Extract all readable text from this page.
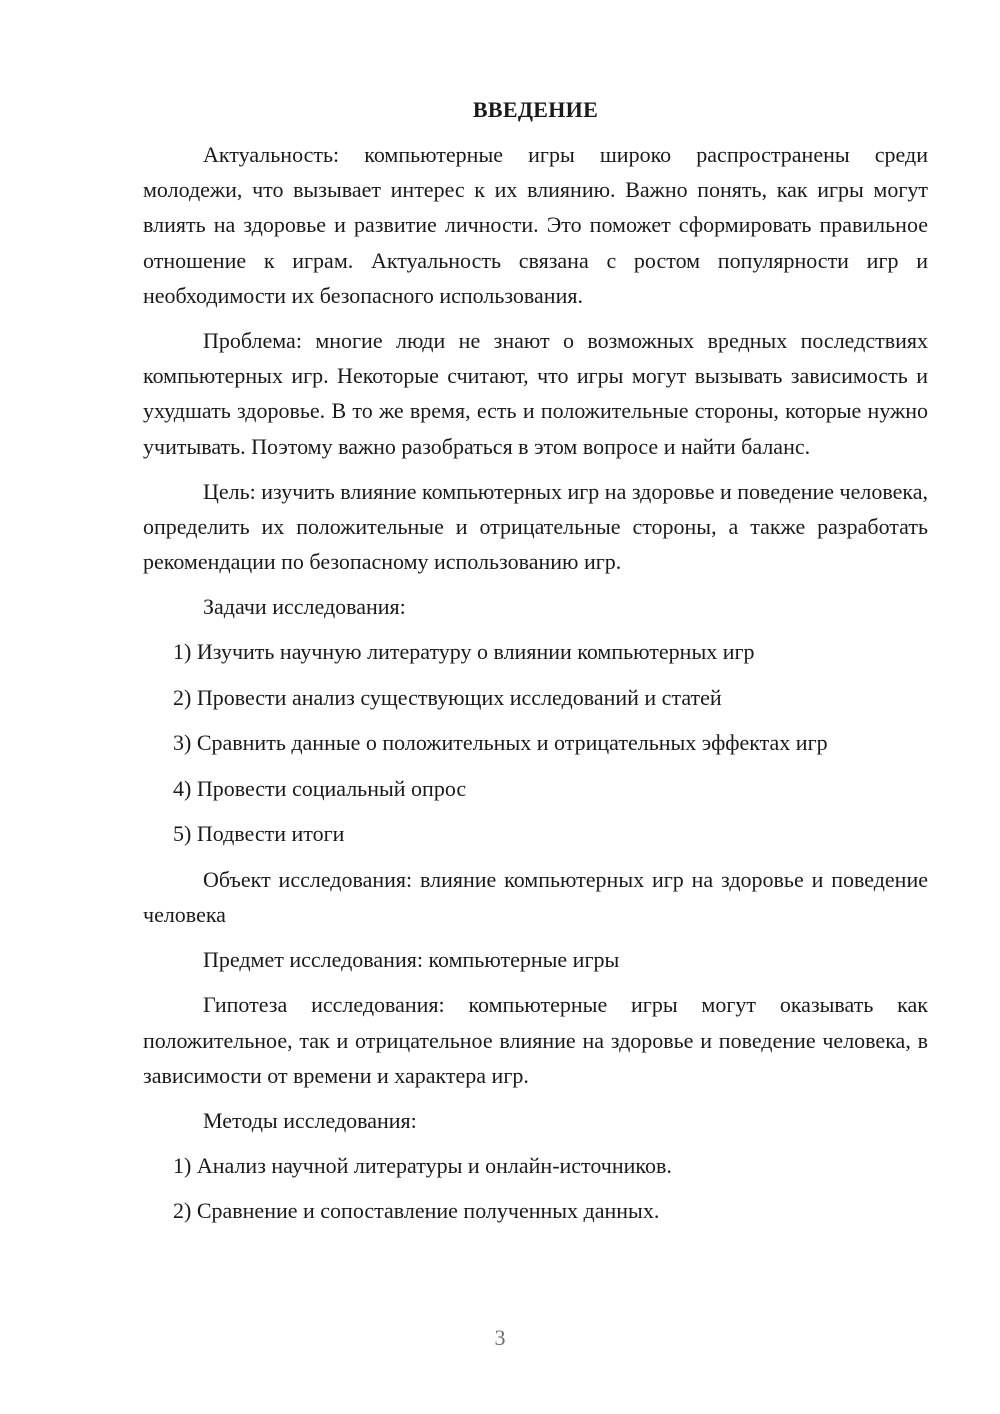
ВВЕДЕНИЕ

Актуальность: компьютерные игры широко распространены среди молодежи, что вызывает интерес к их влиянию. Важно понять, как игры могут влиять на здоровье и развитие личности. Это поможет сформировать правильное отношение к играм. Актуальность связана с ростом популярности игр и необходимости их безопасного использования.

Проблема: многие люди не знают о возможных вредных последствиях компьютерных игр. Некоторые считают, что игры могут вызывать зависимость и ухудшать здоровье. В то же время, есть и положительные стороны, которые нужно учитывать. Поэтому важно разобраться в этом вопросе и найти баланс.

Цель: изучить влияние компьютерных игр на здоровье и поведение человека, определить их положительные и отрицательные стороны, а также разработать рекомендации по безопасному использованию игр.

Задачи исследования:
1) Изучить научную литературу о влиянии компьютерных игр
2) Провести анализ существующих исследований и статей
3) Сравнить данные о положительных и отрицательных эффектах игр
4) Провести социальный опрос
5) Подвести итоги

Объект исследования: влияние компьютерных игр на здоровье и поведение человека

Предмет исследования: компьютерные игры

Гипотеза исследования: компьютерные игры могут оказывать как положительное, так и отрицательное влияние на здоровье и поведение человека, в зависимости от времени и характера игр.

Методы исследования:
1) Анализ научной литературы и онлайн-источников.
2) Сравнение и сопоставление полученных данных.
3
